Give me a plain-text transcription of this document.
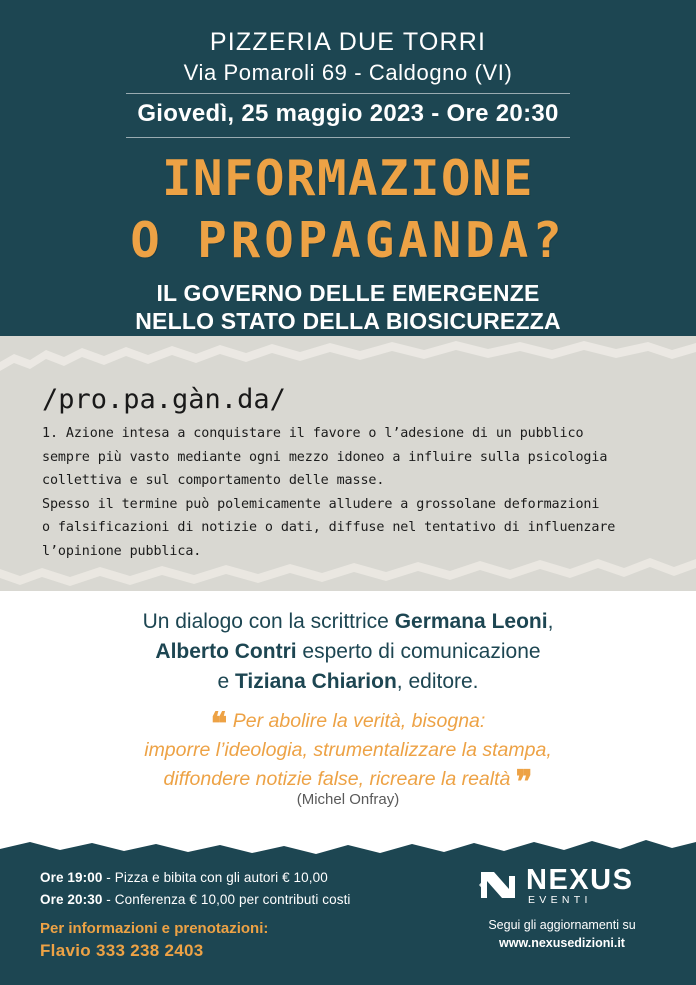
PIZZERIA DUE TORRI
Via Pomaroli 69 - Caldogno (VI)
Giovedì, 25 maggio 2023 - Ore 20:30
INFORMAZIONE
O PROPAGANDA?
IL GOVERNO DELLE EMERGENZE
NELLO STATO DELLA BIOSICUREZZA
/pro.pa.gàn.da/
1. Azione intesa a conquistare il favore o l’adesione di un pubblico
sempre più vasto mediante ogni mezzo idoneo a influire sulla psicologia
collettiva e sul comportamento delle masse.
Spesso il termine può polemicamente alludere a grossolane deformazioni
o falsificazioni di notizie o dati, diffuse nel tentativo di influenzare
l’opinione pubblica.
Un dialogo con la scrittrice Germana Leoni,
Alberto Contri esperto di comunicazione
e Tiziana Chiarion, editore.
❝ Per abolire la verità, bisogna:
imporre l’ideologia, strumentalizzare la stampa,
diffondere notizie false, ricreare la realtà ❞
(Michel Onfray)
Ore 19:00 - Pizza e bibita con gli autori € 10,00
Ore 20:30 - Conferenza € 10,00 per contributi costi
Per informazioni e prenotazioni:
Flavio 333 238 2403
NEXUS
EVENTI
Segui gli aggiornamenti su
www.nexusedizioni.it
